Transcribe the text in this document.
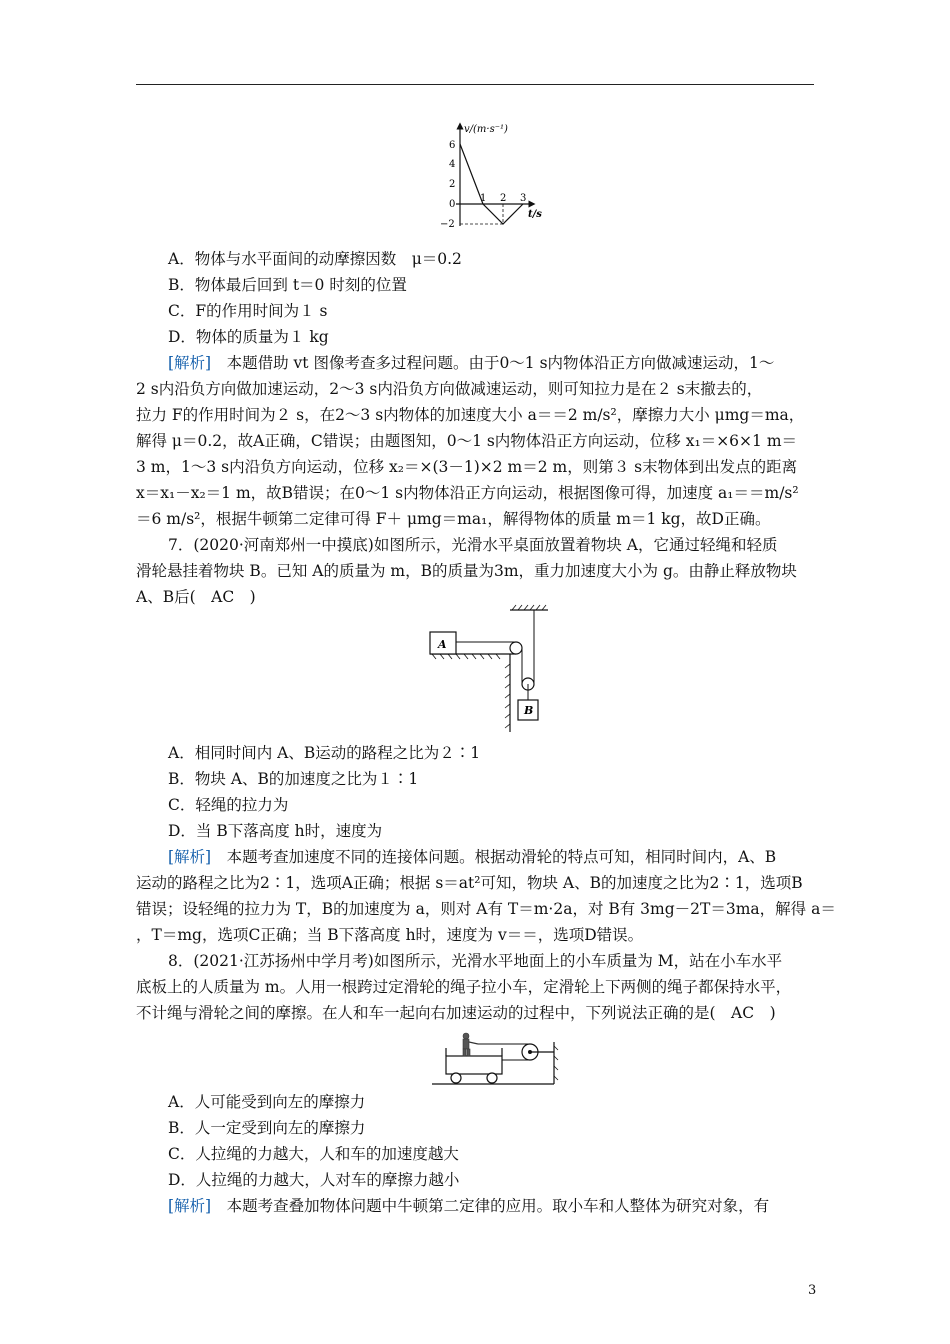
v/(m·s⁻¹)
6
4
2
0
−2
1 2 3
t/s
A．物体与水平面间的动摩擦因数　μ＝0.2
B．物体最后回到 t＝0 时刻的位置
C．F的作用时间为１ s
D．物体的质量为１ kg
[解析]　本题借助 vt 图像考查多过程问题。由于0～1 s内物体沿正方向做减速运动，1～
2 s内沿负方向做加速运动，2～3 s内沿负方向做减速运动，则可知拉力是在２ s末撤去的，
拉力 F的作用时间为２ s，在2～3 s内物体的加速度大小 a＝＝2 m/s²，摩擦力大小 μmg＝ma，
解得 μ＝0.2，故A正确，C错误；由题图知，0～1 s内物体沿正方向运动，位移 x₁＝×6×1 m＝
3 m，1～3 s内沿负方向运动，位移 x₂＝×(3－1)×2 m＝2 m，则第３ s末物体到出发点的距离
x＝x₁－x₂＝1 m，故B错误；在0～1 s内物体沿正方向运动，根据图像可得，加速度 a₁＝＝m/s²
＝6 m/s²，根据牛顿第二定律可得 F＋ μmg＝ma₁，解得物体的质量 m＝1 kg，故D正确。
7．(2020·河南郑州一中摸底)如图所示，光滑水平桌面放置着物块 A，它通过轻绳和轻质
滑轮悬挂着物块 B。已知 A的质量为 m，B的质量为3m，重力加速度大小为 g。由静止释放物块
A、B后(　AC　)
A
B
A．相同时间内 A、B运动的路程之比为２∶1
B．物块 A、B的加速度之比为１∶1
C．轻绳的拉力为
D．当 B下落高度 h时，速度为
[解析]　本题考查加速度不同的连接体问题。根据动滑轮的特点可知，相同时间内，A、B
运动的路程之比为2∶1，选项A正确；根据 s＝at²可知，物块 A、B的加速度之比为2∶1，选项B
错误；设轻绳的拉力为 T，B的加速度为 a，则对 A有 T＝m·2a，对 B有 3mg－2T＝3ma，解得 a＝
，T＝mg，选项C正确；当 B下落高度 h时，速度为 v＝＝，选项D错误。
8．(2021·江苏扬州中学月考)如图所示，光滑水平地面上的小车质量为 M，站在小车水平
底板上的人质量为 m。人用一根跨过定滑轮的绳子拉小车，定滑轮上下两侧的绳子都保持水平，
不计绳与滑轮之间的摩擦。在人和车一起向右加速运动的过程中，下列说法正确的是(　AC　)
A．人可能受到向左的摩擦力
B．人一定受到向左的摩擦力
C．人拉绳的力越大，人和车的加速度越大
D．人拉绳的力越大，人对车的摩擦力越小
[解析]　本题考查叠加物体问题中牛顿第二定律的应用。取小车和人整体为研究对象，有
3
